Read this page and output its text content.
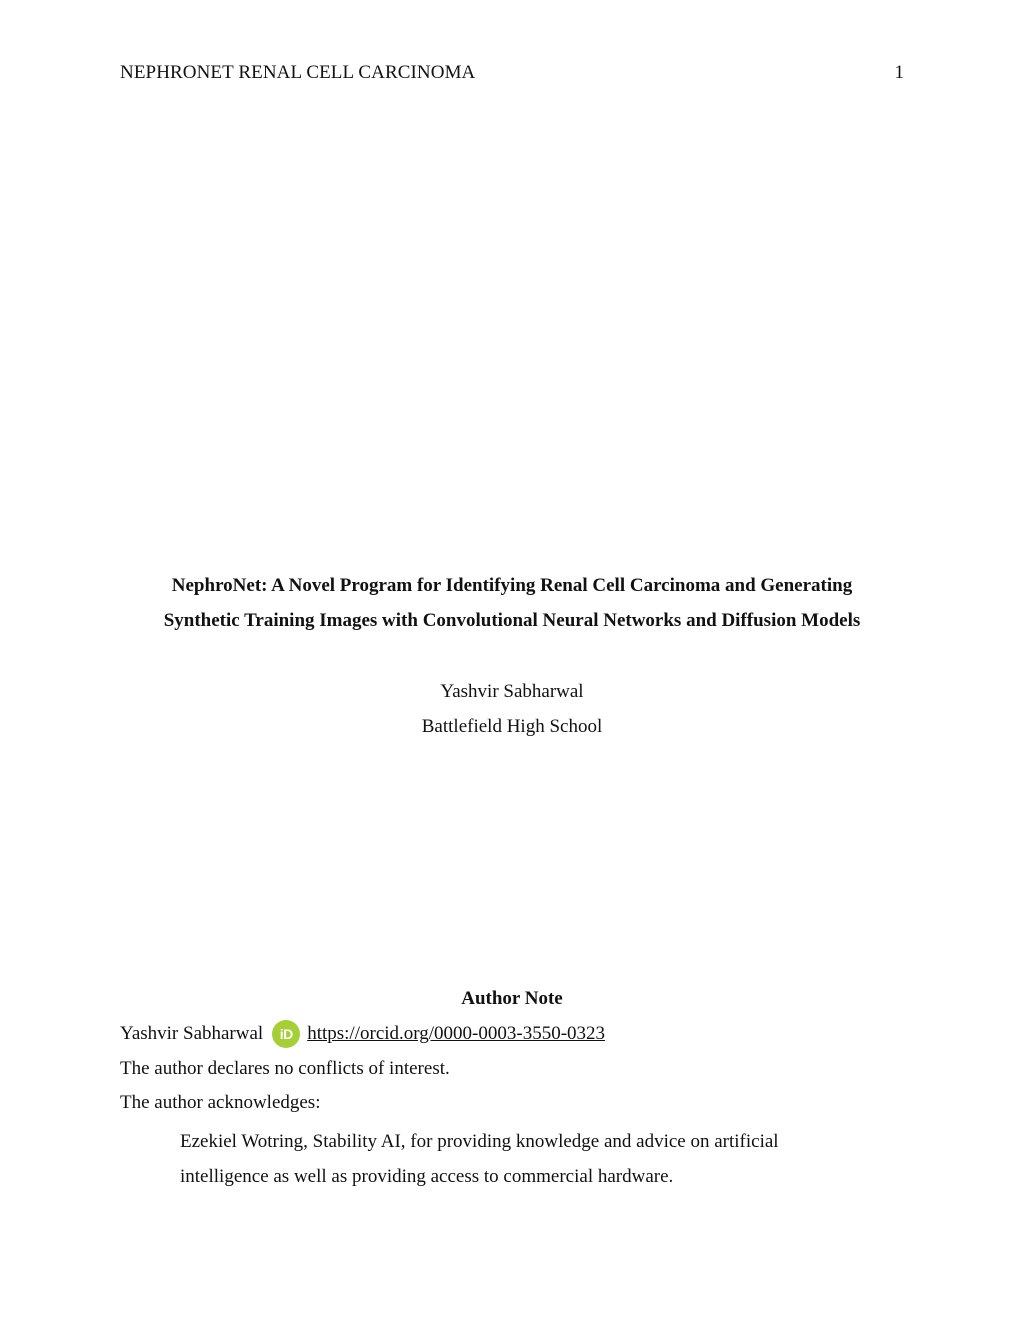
NEPHRONET RENAL CELL CARCINOMA	1
NephroNet: A Novel Program for Identifying Renal Cell Carcinoma and Generating
Synthetic Training Images with Convolutional Neural Networks and Diffusion Models
Yashvir Sabharwal
Battlefield High School
Author Note
Yashvir Sabharwal	iD https://orcid.org/0000-0003-3550-0323
The author declares no conflicts of interest.
The author acknowledges:
Ezekiel Wotring, Stability AI, for providing knowledge and advice on artificial
intelligence as well as providing access to commercial hardware.
